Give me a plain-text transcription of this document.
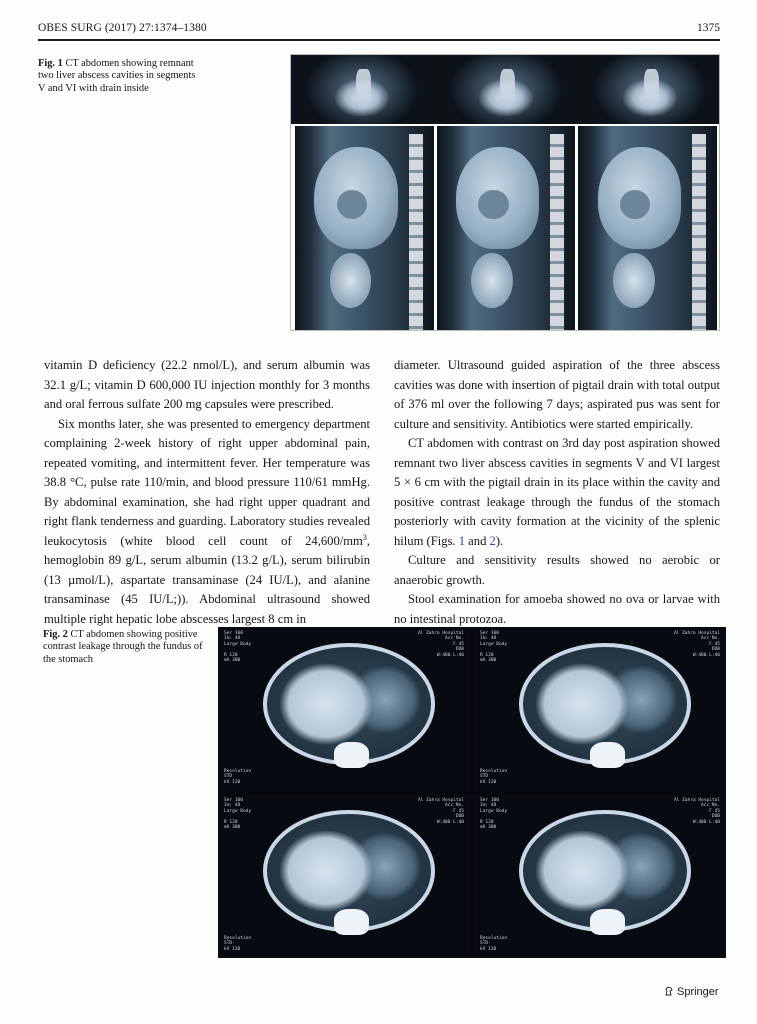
OBES SURG (2017) 27:1374–1380	1375
Fig. 1 CT abdomen showing remnant two liver abscess cavities in segments V and VI with drain inside

vitamin D deficiency (22.2 nmol/L), and serum albumin was 32.1 g/L; vitamin D 600,000 IU injection monthly for 3 months and oral ferrous sulfate 200 mg capsules were prescribed.

Six months later, she was presented to emergency department complaining 2-week history of right upper abdominal pain, repeated vomiting, and intermittent fever. Her temperature was 38.8 °C, pulse rate 110/min, and blood pressure 110/61 mmHg. By abdominal examination, she had right upper quadrant and right flank tenderness and guarding. Laboratory studies revealed leukocytosis (white blood cell count of $24,600/mm^3$, hemoglobin 89 g/L, serum albumin (13.2 g/L), serum bilirubin (13 µmol/L), aspartate transaminase (24 IU/L), and alanine transaminase (45 IU/L;)). Abdominal ultrasound showed multiple right hepatic lobe abscesses largest 8 cm in

diameter. Ultrasound guided aspiration of the three abscess cavities was done with insertion of pigtail drain with total output of 376 ml over the following 7 days; aspirated pus was sent for culture and sensitivity. Antibiotics were started empirically.

CT abdomen with contrast on 3rd day post aspiration showed remnant two liver abscess cavities in segments V and VI largest 5 × 6 cm with the pigtail drain in its place within the cavity and positive contrast leakage through the fundus of the stomach posteriorly with cavity formation at the vicinity of the splenic hilum (Figs. 1 and 2).

Culture and sensitivity results showed no aerobic or anaerobic growth.

Stool examination for amoeba showed no ova or larvae with no intestinal protozoa.

Fig. 2 CT abdomen showing positive contrast leakage through the fundus of the stomach
Ser 100
Im: 48
Large Body

R 120
mA 300
Al Zahra Hospital
Acc No.
F 45
DOB
W:400 L:40
Resolution
STD
kV 120
Ser 100
Im: 48
Large Body

R 120
mA 300
Al Zahra Hospital
Acc No.
F 45
DOB
W:400 L:40
Resolution
STD
kV 120
Ser 100
Im: 48
Large Body

R 120
mA 300
Al Zahra Hospital
Acc No.
F 45
DOB
W:400 L:40
Resolution
STD
kV 120
Ser 100
Im: 48
Large Body

R 120
mA 300
Al Zahra Hospital
Acc No.
F 45
DOB
W:400 L:40
Resolution
STD
kV 120
Springer
